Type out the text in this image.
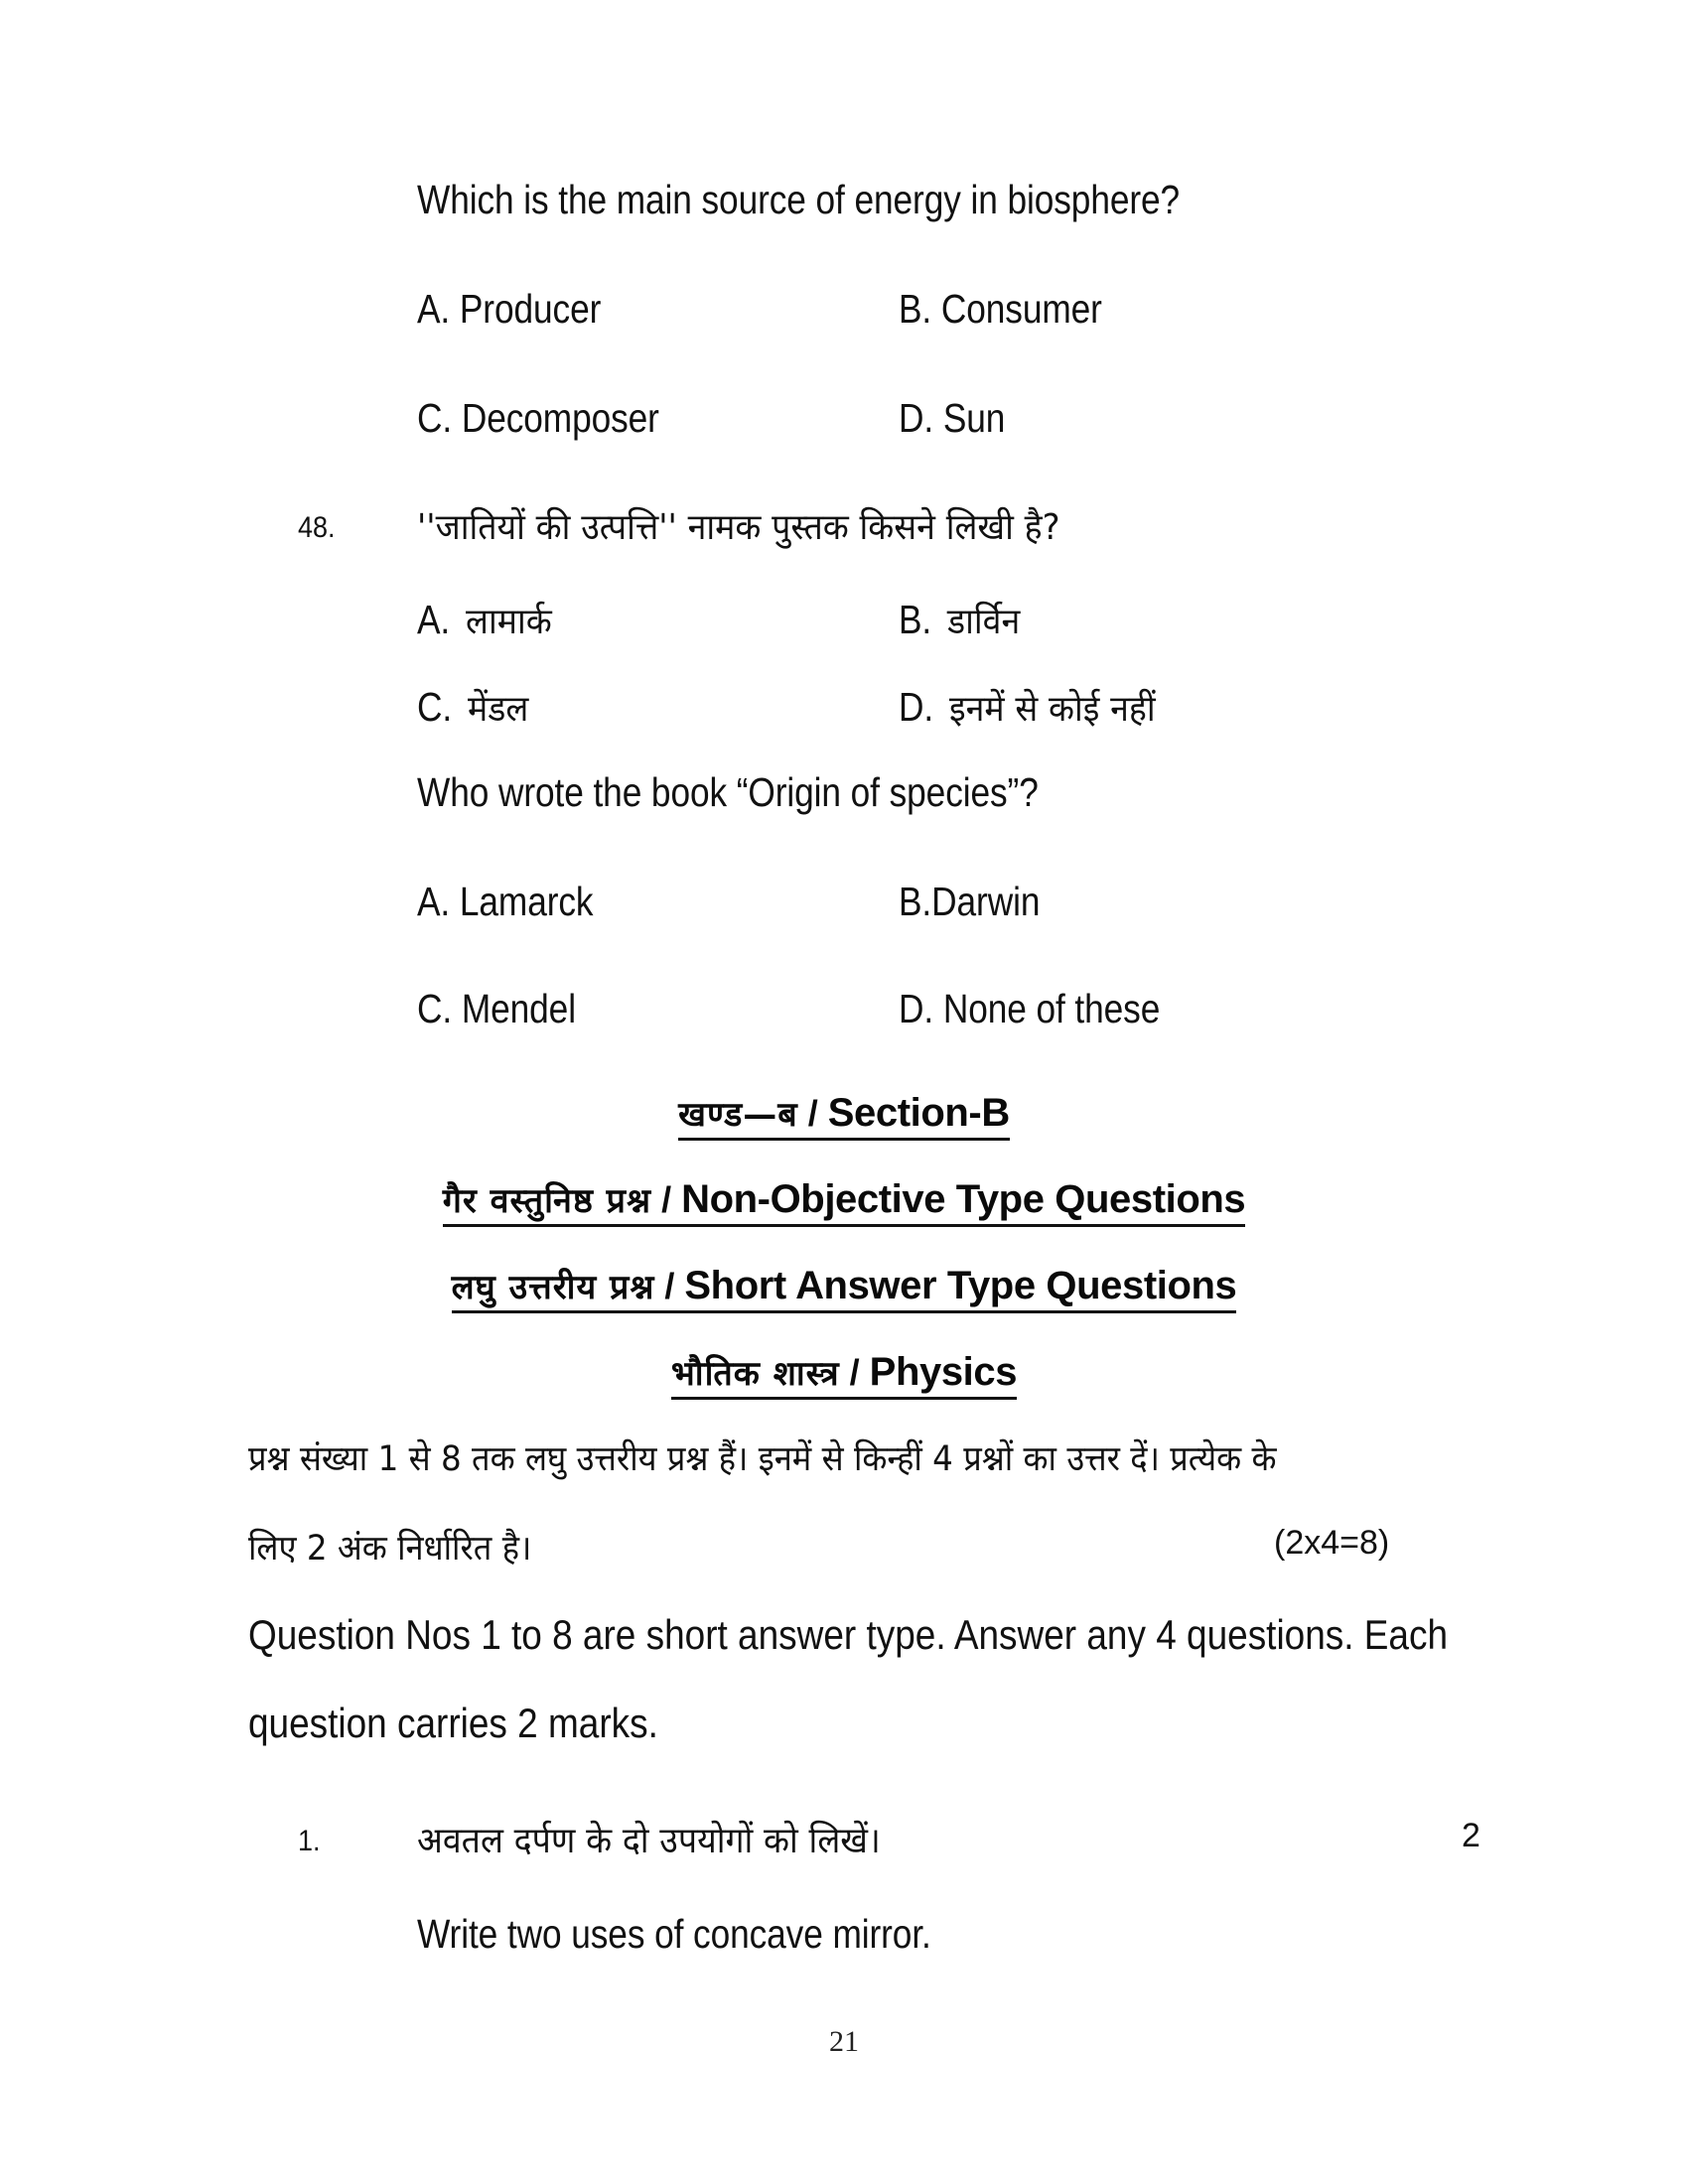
Which is the main source of energy in biosphere?
A. Producer	B. Consumer
C. Decomposer	D. Sun
48. ''जातियों की उत्पत्ति'' नामक पुस्तक किसने लिखी है?
A. लामार्क	B. डार्विन
C. मेंडल	D. इनमें से कोई नहीं
Who wrote the book “Origin of species”?
A. Lamarck	B.Darwin
C. Mendel	D. None of these
खण्ड—ब / Section-B
गैर वस्तुनिष्ठ प्रश्न / Non-Objective Type Questions
लघु उत्तरीय प्रश्न / Short Answer Type Questions
भौतिक शास्त्र / Physics
प्रश्न संख्या 1 से 8 तक लघु उत्तरीय प्रश्न हैं। इनमें से किन्हीं 4 प्रश्नों का उत्तर दें। प्रत्येक के
लिए 2 अंक निर्धारित है।	(2x4=8)
Question Nos 1 to 8 are short answer type. Answer any 4 questions. Each
question carries 2 marks.
1.	अवतल दर्पण के दो उपयोगों को लिखें।	2
Write two uses of concave mirror.
21
